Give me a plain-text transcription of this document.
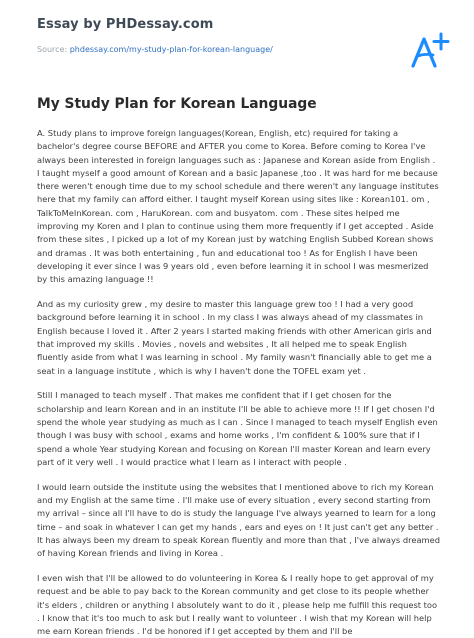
Essay by PHDessay.com
Source: phdessay.com/my-study-plan-for-korean-language/
My Study Plan for Korean Language

A. Study plans to improve foreign languages(Korean, English, etc) required for taking a bachelor's degree course BEFORE and AFTER you come to Korea. Before coming to Korea I've always been interested in foreign languages such as : Japanese and Korean aside from English . I taught myself a good amount of Korean and a basic Japanese ,too . It was hard for me because there weren't enough time due to my school schedule and there weren't any language institutes here that my family can afford either. I taught myself Korean using sites like : Korean101. om , TalkToMeInKorean. com , HaruKorean. com and busyatom. com . These sites helped me improving my Koren and I plan to continue using them more frequently if I get accepted . Aside from these sites , I picked up a lot of my Korean just by watching English Subbed Korean shows and dramas . It was both entertaining , fun and educational too ! As for English I have been developing it ever since I was 9 years old , even before learning it in school I was mesmerized by this amazing language !!

And as my curiosity grew , my desire to master this language grew too ! I had a very good background before learning it in school . In my class I was always ahead of my classmates in English because I loved it . After 2 years I started making friends with other American girls and that improved my skills . Movies , novels and websites , It all helped me to speak English fluently aside from what I was learning in school . My family wasn't financially able to get me a seat in a language institute , which is why I haven't done the TOFEL exam yet .

Still I managed to teach myself . That makes me confident that if I get chosen for the scholarship and learn Korean and in an institute I'll be able to achieve more !! If I get chosen I'd spend the whole year studying as much as I can . Since I managed to teach myself English even though I was busy with school , exams and home works , I'm confident & 100% sure that if I spend a whole Year studying Korean and focusing on Korean I'll master Korean and learn every part of it very well . I would practice what I learn as I interact with people .

I would learn outside the institute using the websites that I mentioned above to rich my Korean and my English at the same time . I'll make use of every situation , every second starting from my arrival – since all I'll have to do is study the language I've always yearned to learn for a long time – and soak in whatever I can get my hands , ears and eyes on ! It just can't get any better . It has always been my dream to speak Korean fluently and more than that , I've always dreamed of having Korean friends and living in Korea .

I even wish that I'll be allowed to do volunteering in Korea & I really hope to get approval of my request and be able to pay back to the Korean community and get close to its people whether it's elders , children or anything I absolutely want to do it , please help me fulfill this request too . I know that it's too much to ask but I really want to volunteer . I wish that my Korean will help me earn Korean friends . I'd be honored if I get accepted by them and I'll be
